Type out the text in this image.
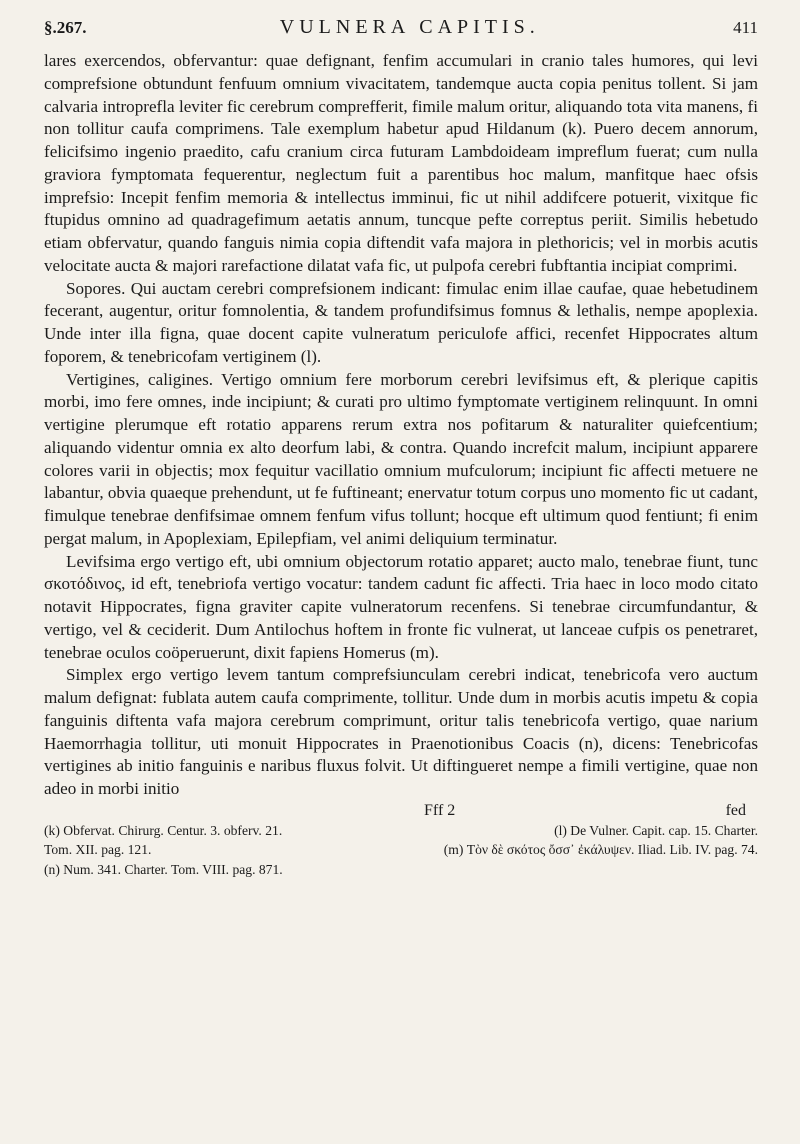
§.267.	VULNERA CAPITIS.	411

lares exercendos, obfervantur: quae defignant, fenfim accumulari in cranio tales humores, qui levi comprefsione obtundunt fenfuum omnium vivacitatem, tandemque aucta copia penitus tollent. Si jam calvaria introprefla leviter fic cerebrum comprefferit, fimile malum oritur, aliquando tota vita manens, fi non tollitur caufa comprimens. Tale exemplum habetur apud Hildanum (k). Puero decem annorum, felicifsimo ingenio praedito, cafu cranium circa futuram Lambdoideam impreflum fuerat; cum nulla graviora fymptomata fequerentur, neglectum fuit a parentibus hoc malum, manfitque haec ofsis imprefsio: Incepit fenfim memoria & intellectus imminui, fic ut nihil addifcere potuerit, vixitque fic ftupidus omnino ad quadragefimum aetatis annum, tuncque pefte correptus periit. Similis hebetudo etiam obfervatur, quando fanguis nimia copia diftendit vafa majora in plethoricis; vel in morbis acutis velocitate aucta & majori rarefactione dilatat vafa fic, ut pulpofa cerebri fubftantia incipiat comprimi.

Sopores. Qui auctam cerebri comprefsionem indicant: fimulac enim illae caufae, quae hebetudinem fecerant, augentur, oritur fomnolentia, & tandem profundifsimus fomnus & lethalis, nempe apoplexia. Unde inter illa figna, quae docent capite vulneratum periculofe affici, recenfet Hippocrates altum foporem, & tenebricofam vertiginem (l).

Vertigines, caligines. Vertigo omnium fere morborum cerebri levifsimus eft, & plerique capitis morbi, imo fere omnes, inde incipiunt; & curati pro ultimo fymptomate vertiginem relinquunt. In omni vertigine plerumque eft rotatio apparens rerum extra nos pofitarum & naturaliter quiefcentium; aliquando videntur omnia ex alto deorfum labi, & contra. Quando increfcit malum, incipiunt apparere colores varii in objectis; mox fequitur vacillatio omnium mufculorum; incipiunt fic affecti metuere ne labantur, obvia quaeque prehendunt, ut fe fuftineant; enervatur totum corpus uno momento fic ut cadant, fimulque tenebrae denfifsimae omnem fenfum vifus tollunt; hocque eft ultimum quod fentiunt; fi enim pergat malum, in Apoplexiam, Epilepfiam, vel animi deliquium terminatur.

Levifsima ergo vertigo eft, ubi omnium objectorum rotatio apparet; aucto malo, tenebrae fiunt, tunc σκοτόδινος, id eft, tenebriofa vertigo vocatur: tandem cadunt fic affecti. Tria haec in loco modo citato notavit Hippocrates, figna graviter capite vulneratorum recenfens. Si tenebrae circumfundantur, & vertigo, vel & ceciderit. Dum Antilochus hoftem in fronte fic vulnerat, ut lanceae cufpis os penetraret, tenebrae oculos coöperuerunt, dixit fapiens Homerus (m).

Simplex ergo vertigo levem tantum comprefsiunculam cerebri indicat, tenebricofa vero auctum malum defignat: fublata autem caufa comprimente, tollitur. Unde dum in morbis acutis impetu & copia fanguinis diftenta vafa majora cerebrum comprimunt, oritur talis tenebricofa vertigo, quae narium Haemorrhagia tollitur, uti monuit Hippocrates in Praenotionibus Coacis (n), dicens: Tenebricofas vertigines ab initio fanguinis e naribus fluxus folvit. Ut diftingueret nempe a fimili vertigine, quae non adeo in morbi initio

Fff 2	fed
(k) Obfervat. Chirurg. Centur. 3. obferv. 21.	(l) De Vulner. Capit. cap. 15. Charter.
Tom. XII. pag. 121.	(m) Τὸν δὲ σκότος ὄσσ᾽ ἐκάλυψεν. Iliad. Lib. IV. pag. 74.
(n) Num. 341. Charter. Tom. VIII. pag. 871.
